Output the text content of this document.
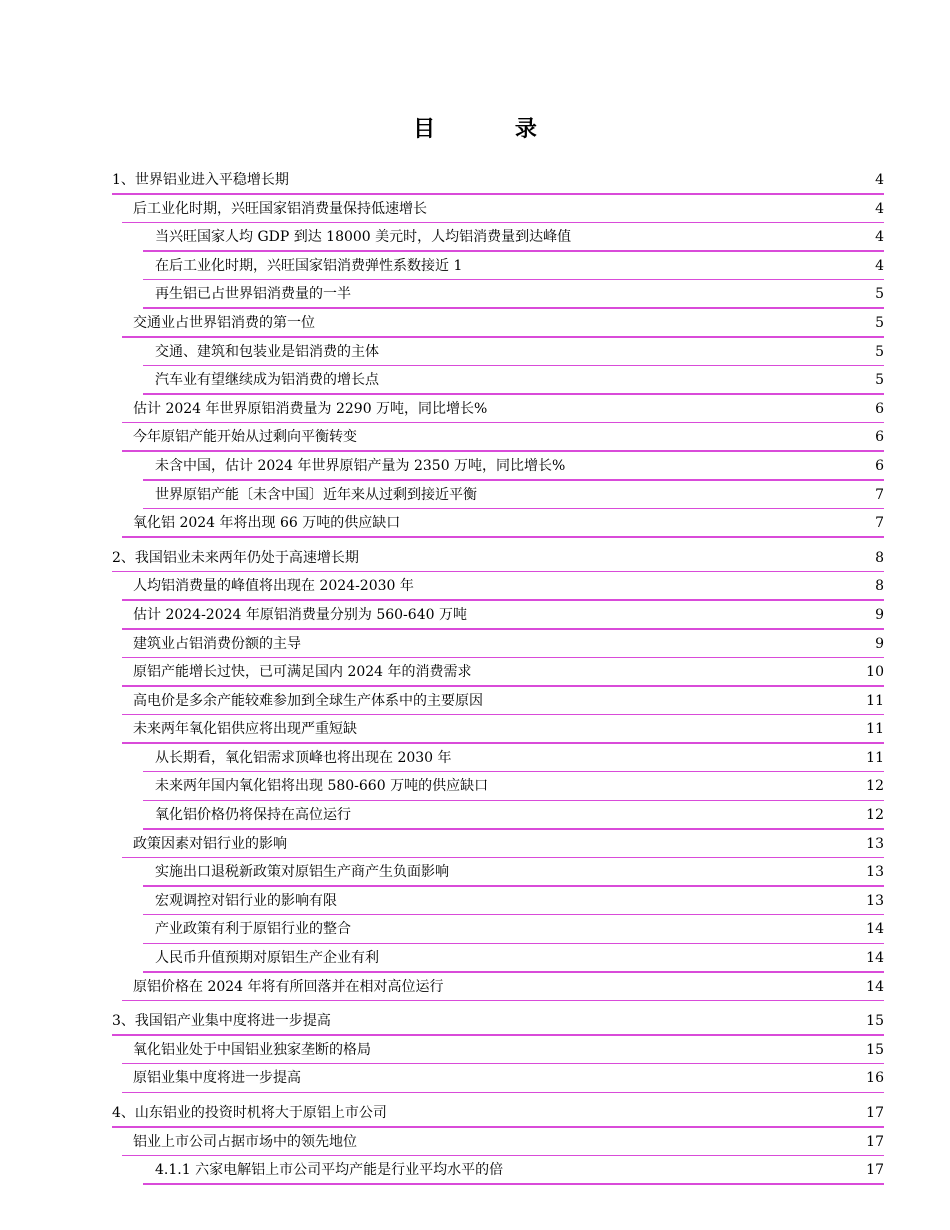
目 录
1、世界铝业进入平稳增长期	4
后工业化时期，兴旺国家铝消费量保持低速增长	4
当兴旺国家人均 GDP 到达 18000 美元时，人均铝消费量到达峰值	4
在后工业化时期，兴旺国家铝消费弹性系数接近 1	4
再生铝已占世界铝消费量的一半	5
交通业占世界铝消费的第一位	5
交通、建筑和包装业是铝消费的主体	5
汽车业有望继续成为铝消费的增长点	5
估计 2024 年世界原铝消费量为 2290 万吨，同比增长%	6
今年原铝产能开始从过剩向平衡转变	6
未含中国，估计 2024 年世界原铝产量为 2350 万吨，同比增长%	6
世界原铝产能〔未含中国〕近年来从过剩到接近平衡	7
氧化铝 2024 年将出现 66 万吨的供应缺口	7
2、我国铝业未来两年仍处于高速增长期	8
人均铝消费量的峰值将出现在 2024-2030 年	8
估计 2024-2024 年原铝消费量分别为 560-640 万吨	9
建筑业占铝消费份额的主导	9
原铝产能增长过快，已可满足国内 2024 年的消费需求	10
高电价是多余产能较难参加到全球生产体系中的主要原因	11
未来两年氧化铝供应将出现严重短缺	11
从长期看，氧化铝需求顶峰也将出现在 2030 年	11
未来两年国内氧化铝将出现 580-660 万吨的供应缺口	12
氧化铝价格仍将保持在高位运行	12
政策因素对铝行业的影响	13
实施出口退税新政策对原铝生产商产生负面影响	13
宏观调控对铝行业的影响有限	13
产业政策有利于原铝行业的整合	14
人民币升值预期对原铝生产企业有利	14
原铝价格在 2024 年将有所回落并在相对高位运行	14
3、我国铝产业集中度将进一步提高	15
氧化铝业处于中国铝业独家垄断的格局	15
原铝业集中度将进一步提高	16
4、山东铝业的投资时机将大于原铝上市公司	17
铝业上市公司占据市场中的领先地位	17
4.1.1 六家电解铝上市公司平均产能是行业平均水平的倍	17
